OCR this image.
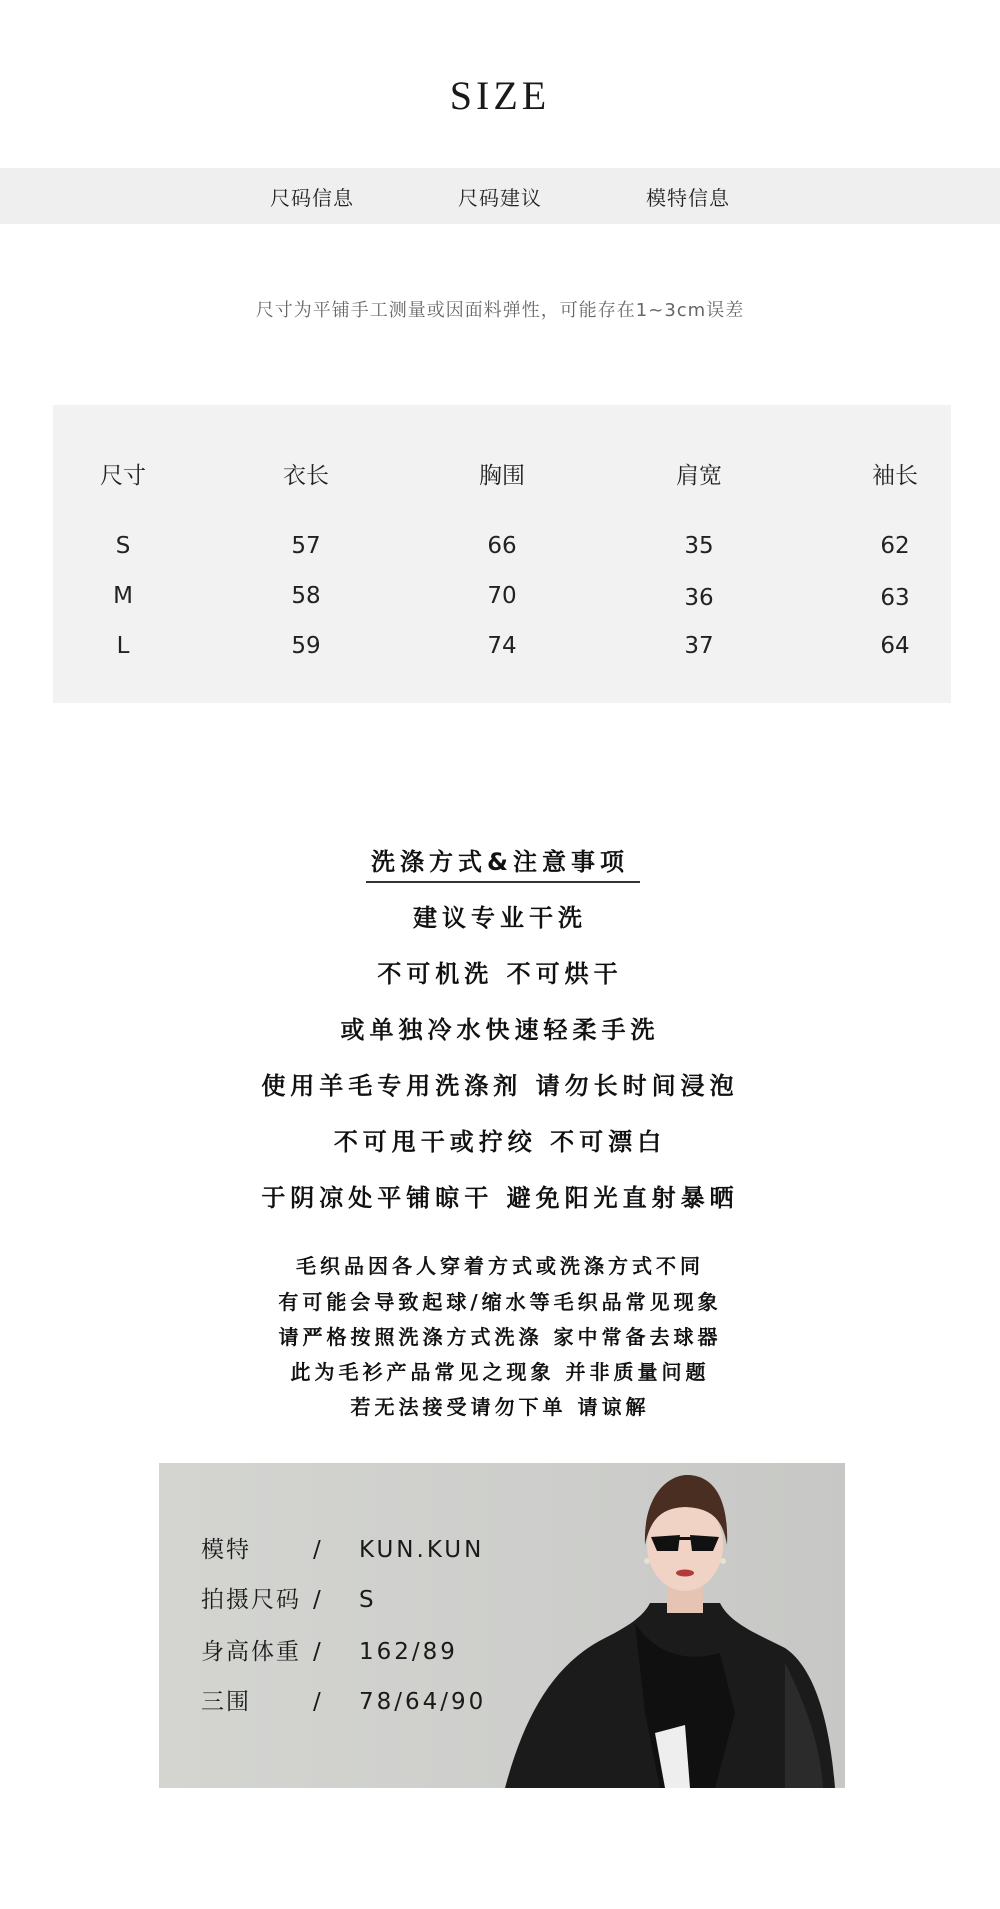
SIZE
尺码信息	尺码建议	模特信息
尺寸为平铺手工测量或因面料弹性，可能存在1~3cm误差
尺寸	衣长	胸围	肩宽	袖长
S	57	66	35	62
M	58	70	36	63
L	59	74	37	64
洗涤方式&注意事项
建议专业干洗
不可机洗 不可烘干
或单独冷水快速轻柔手洗
使用羊毛专用洗涤剂 请勿长时间浸泡
不可甩干或拧绞 不可漂白
于阴凉处平铺晾干 避免阳光直射暴晒
毛织品因各人穿着方式或洗涤方式不同
有可能会导致起球/缩水等毛织品常见现象
请严格按照洗涤方式洗涤 家中常备去球器
此为毛衫产品常见之现象 并非质量问题
若无法接受请勿下单 请谅解
模特	/ KUN.KUN
拍摄尺码 / S
身高体重 / 162/89
三围	/ 78/64/90
